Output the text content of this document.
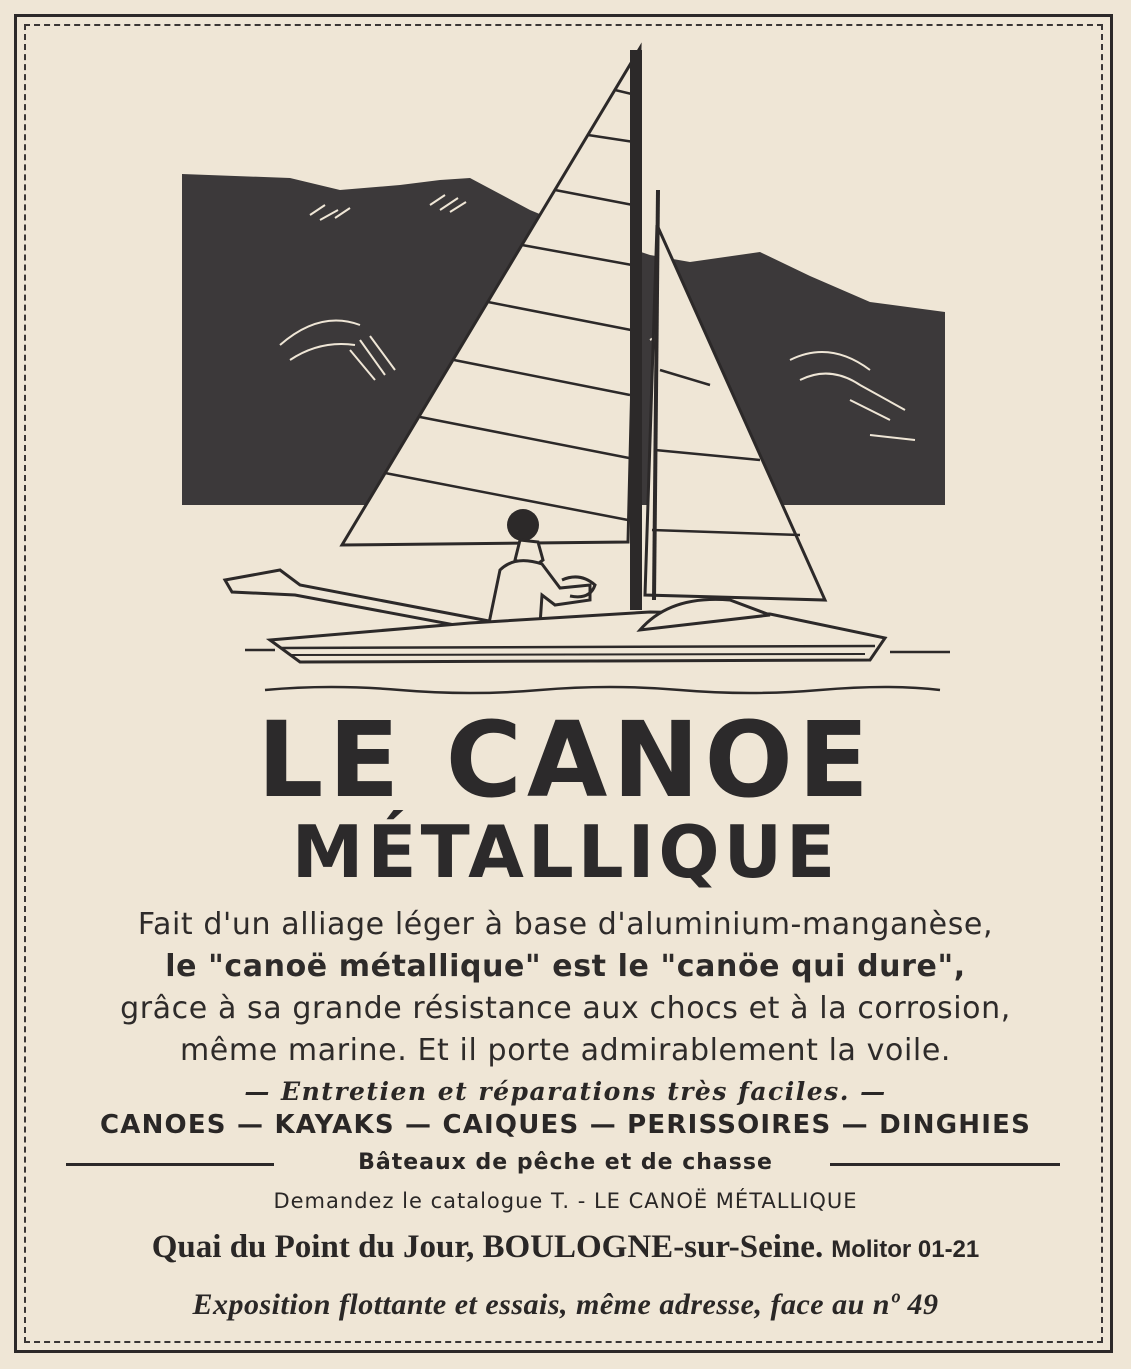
LE CANOE
MÉTALLIQUE
Fait d'un alliage léger à base d'aluminium-manganèse,
le "canoë métallique" est le "canöe qui dure",
grâce à sa grande résistance aux chocs et à la corrosion,
même marine. Et il porte admirablement la voile.
— Entretien et réparations très faciles. —
CANOES — KAYAKS — CAIQUES — PERISSOIRES — DINGHIES
Bâteaux de pêche et de chasse
Demandez le catalogue T. - LE CANOË MÉTALLIQUE
Quai du Point du Jour, BOULOGNE-sur-Seine. Molitor 01-21
Exposition flottante et essais, même adresse, face au nº 49
